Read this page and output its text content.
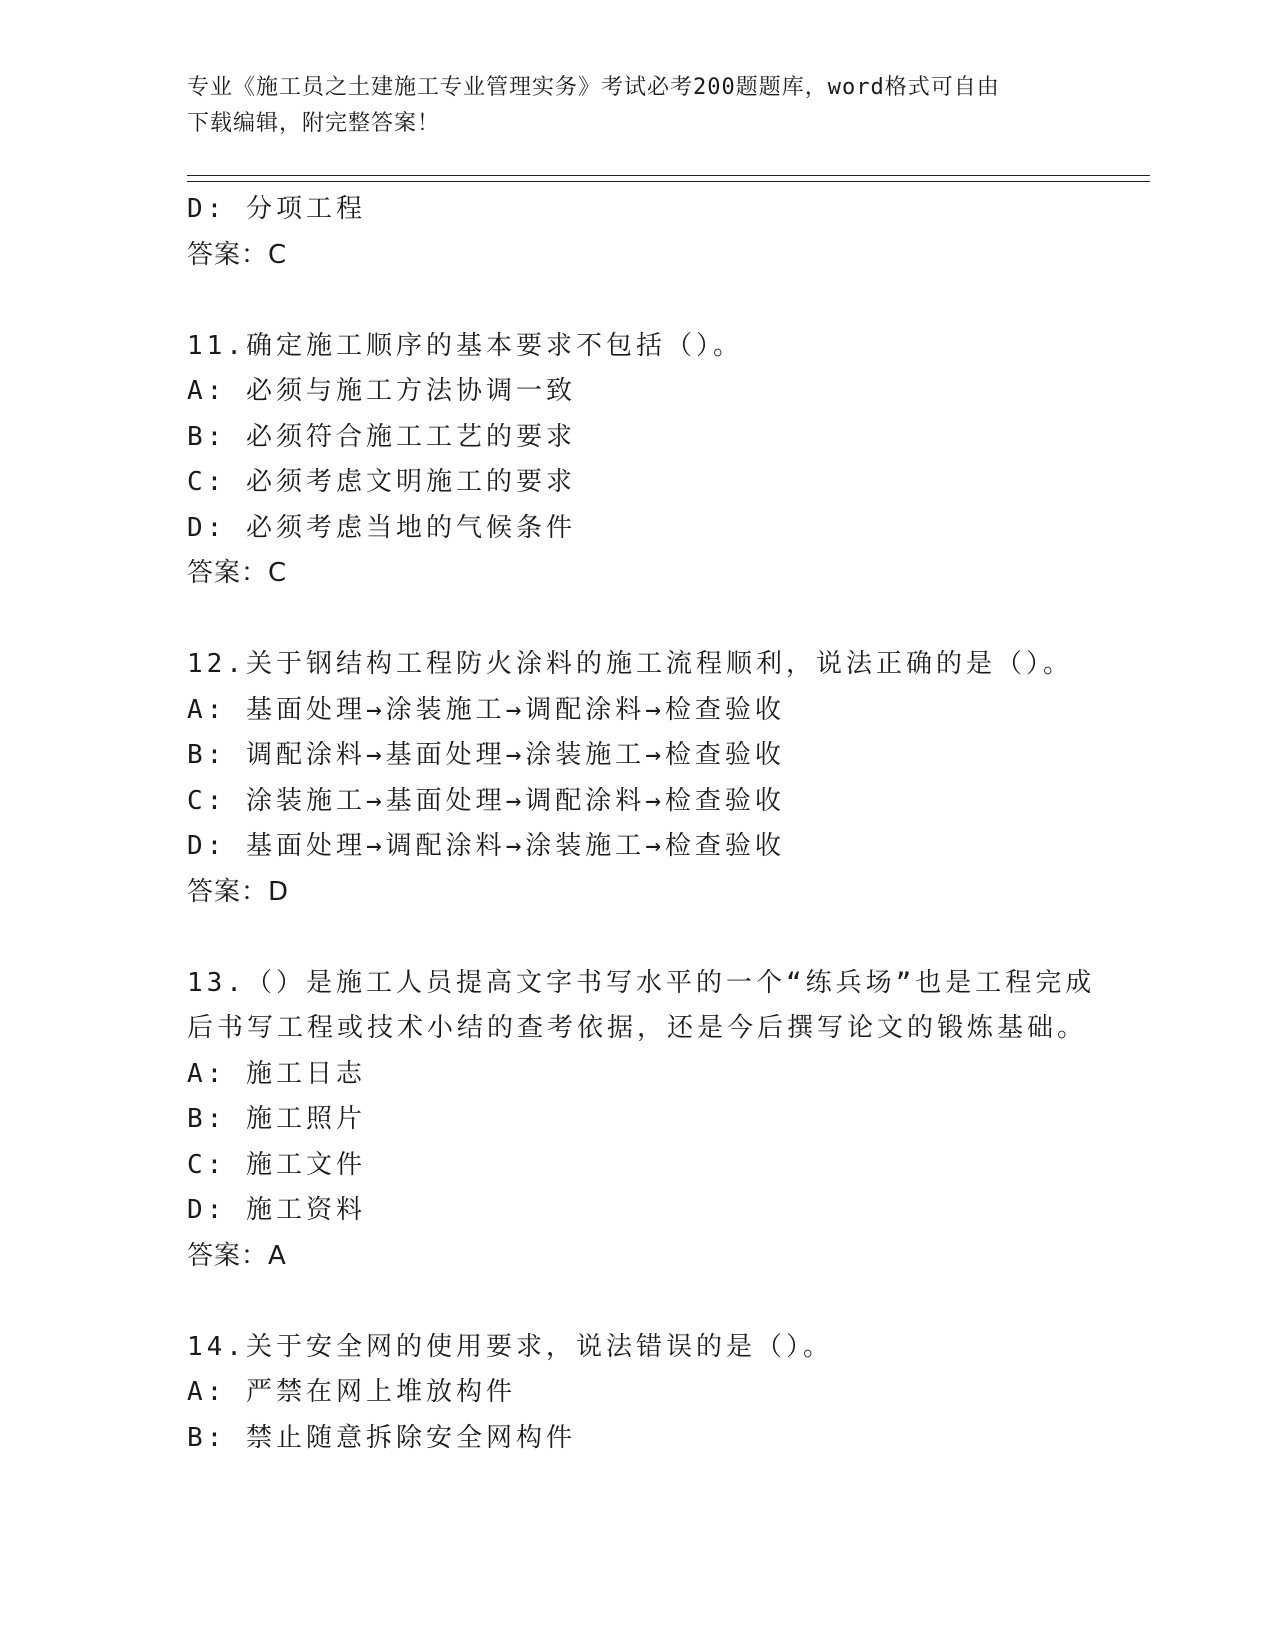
专业《施工员之土建施工专业管理实务》考试必考200题题库，word格式可自由
下载编辑，附完整答案！
D: 分项工程
答案：C
11.确定施工顺序的基本要求不包括（）。
A: 必须与施工方法协调一致
B: 必须符合施工工艺的要求
C: 必须考虑文明施工的要求
D: 必须考虑当地的气候条件
答案：C
12.关于钢结构工程防火涂料的施工流程顺利，说法正确的是（）。
A: 基面处理→涂装施工→调配涂料→检查验收
B: 调配涂料→基面处理→涂装施工→检查验收
C: 涂装施工→基面处理→调配涂料→检查验收
D: 基面处理→调配涂料→涂装施工→检查验收
答案：D
13.（）是施工人员提高文字书写水平的一个“练兵场”也是工程完成
后书写工程或技术小结的查考依据，还是今后撰写论文的锻炼基础。
A: 施工日志
B: 施工照片
C: 施工文件
D: 施工资料
答案：A
14.关于安全网的使用要求，说法错误的是（）。
A: 严禁在网上堆放构件
B: 禁止随意拆除安全网构件
